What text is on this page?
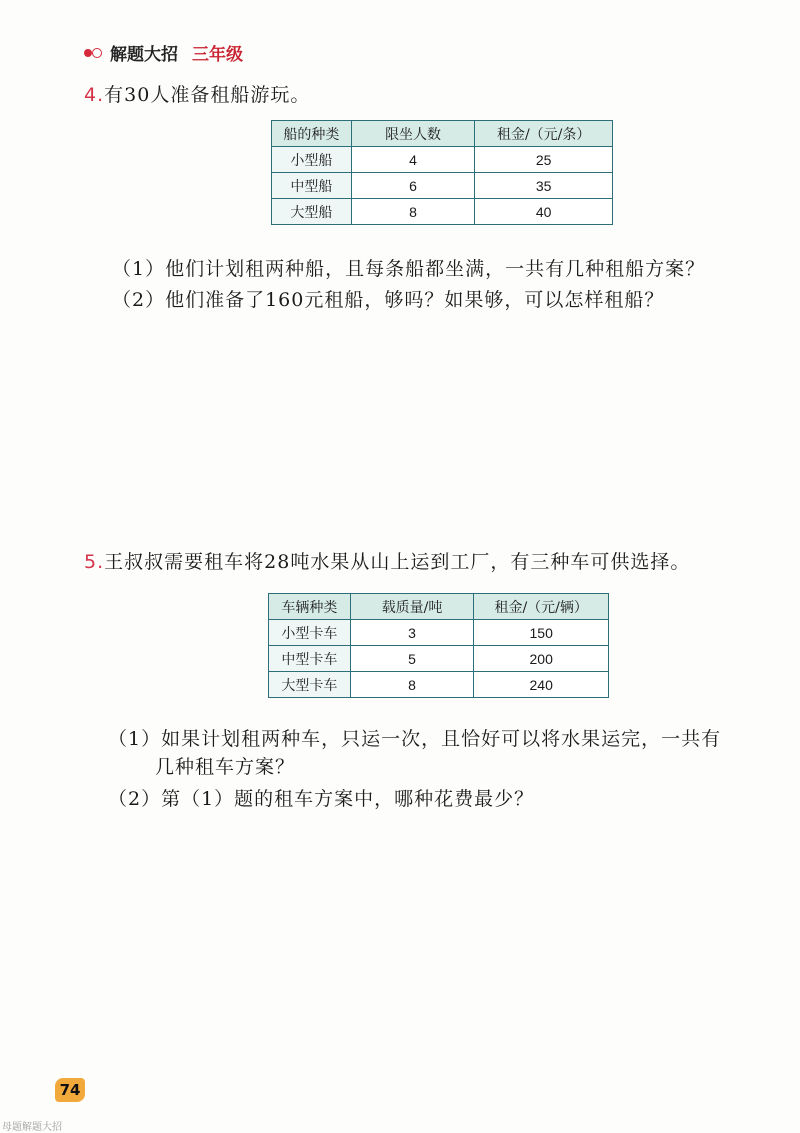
解题大招 三年级
4.有30人准备租船游玩。
船的种类	限坐人数	租金/（元/条）
小型船	4	25
中型船	6	35
大型船	8	40
（1）他们计划租两种船，且每条船都坐满，一共有几种租船方案？
（2）他们准备了160元租船，够吗？如果够，可以怎样租船？
5.王叔叔需要租车将28吨水果从山上运到工厂，有三种车可供选择。
车辆种类	载质量/吨	租金/（元/辆）
小型卡车	3	150
中型卡车	5	200
大型卡车	8	240
（1）如果计划租两种车，只运一次，且恰好可以将水果运完，一共有
几种租车方案？
（2）第（1）题的租车方案中，哪种花费最少？
74
母题解题大招
